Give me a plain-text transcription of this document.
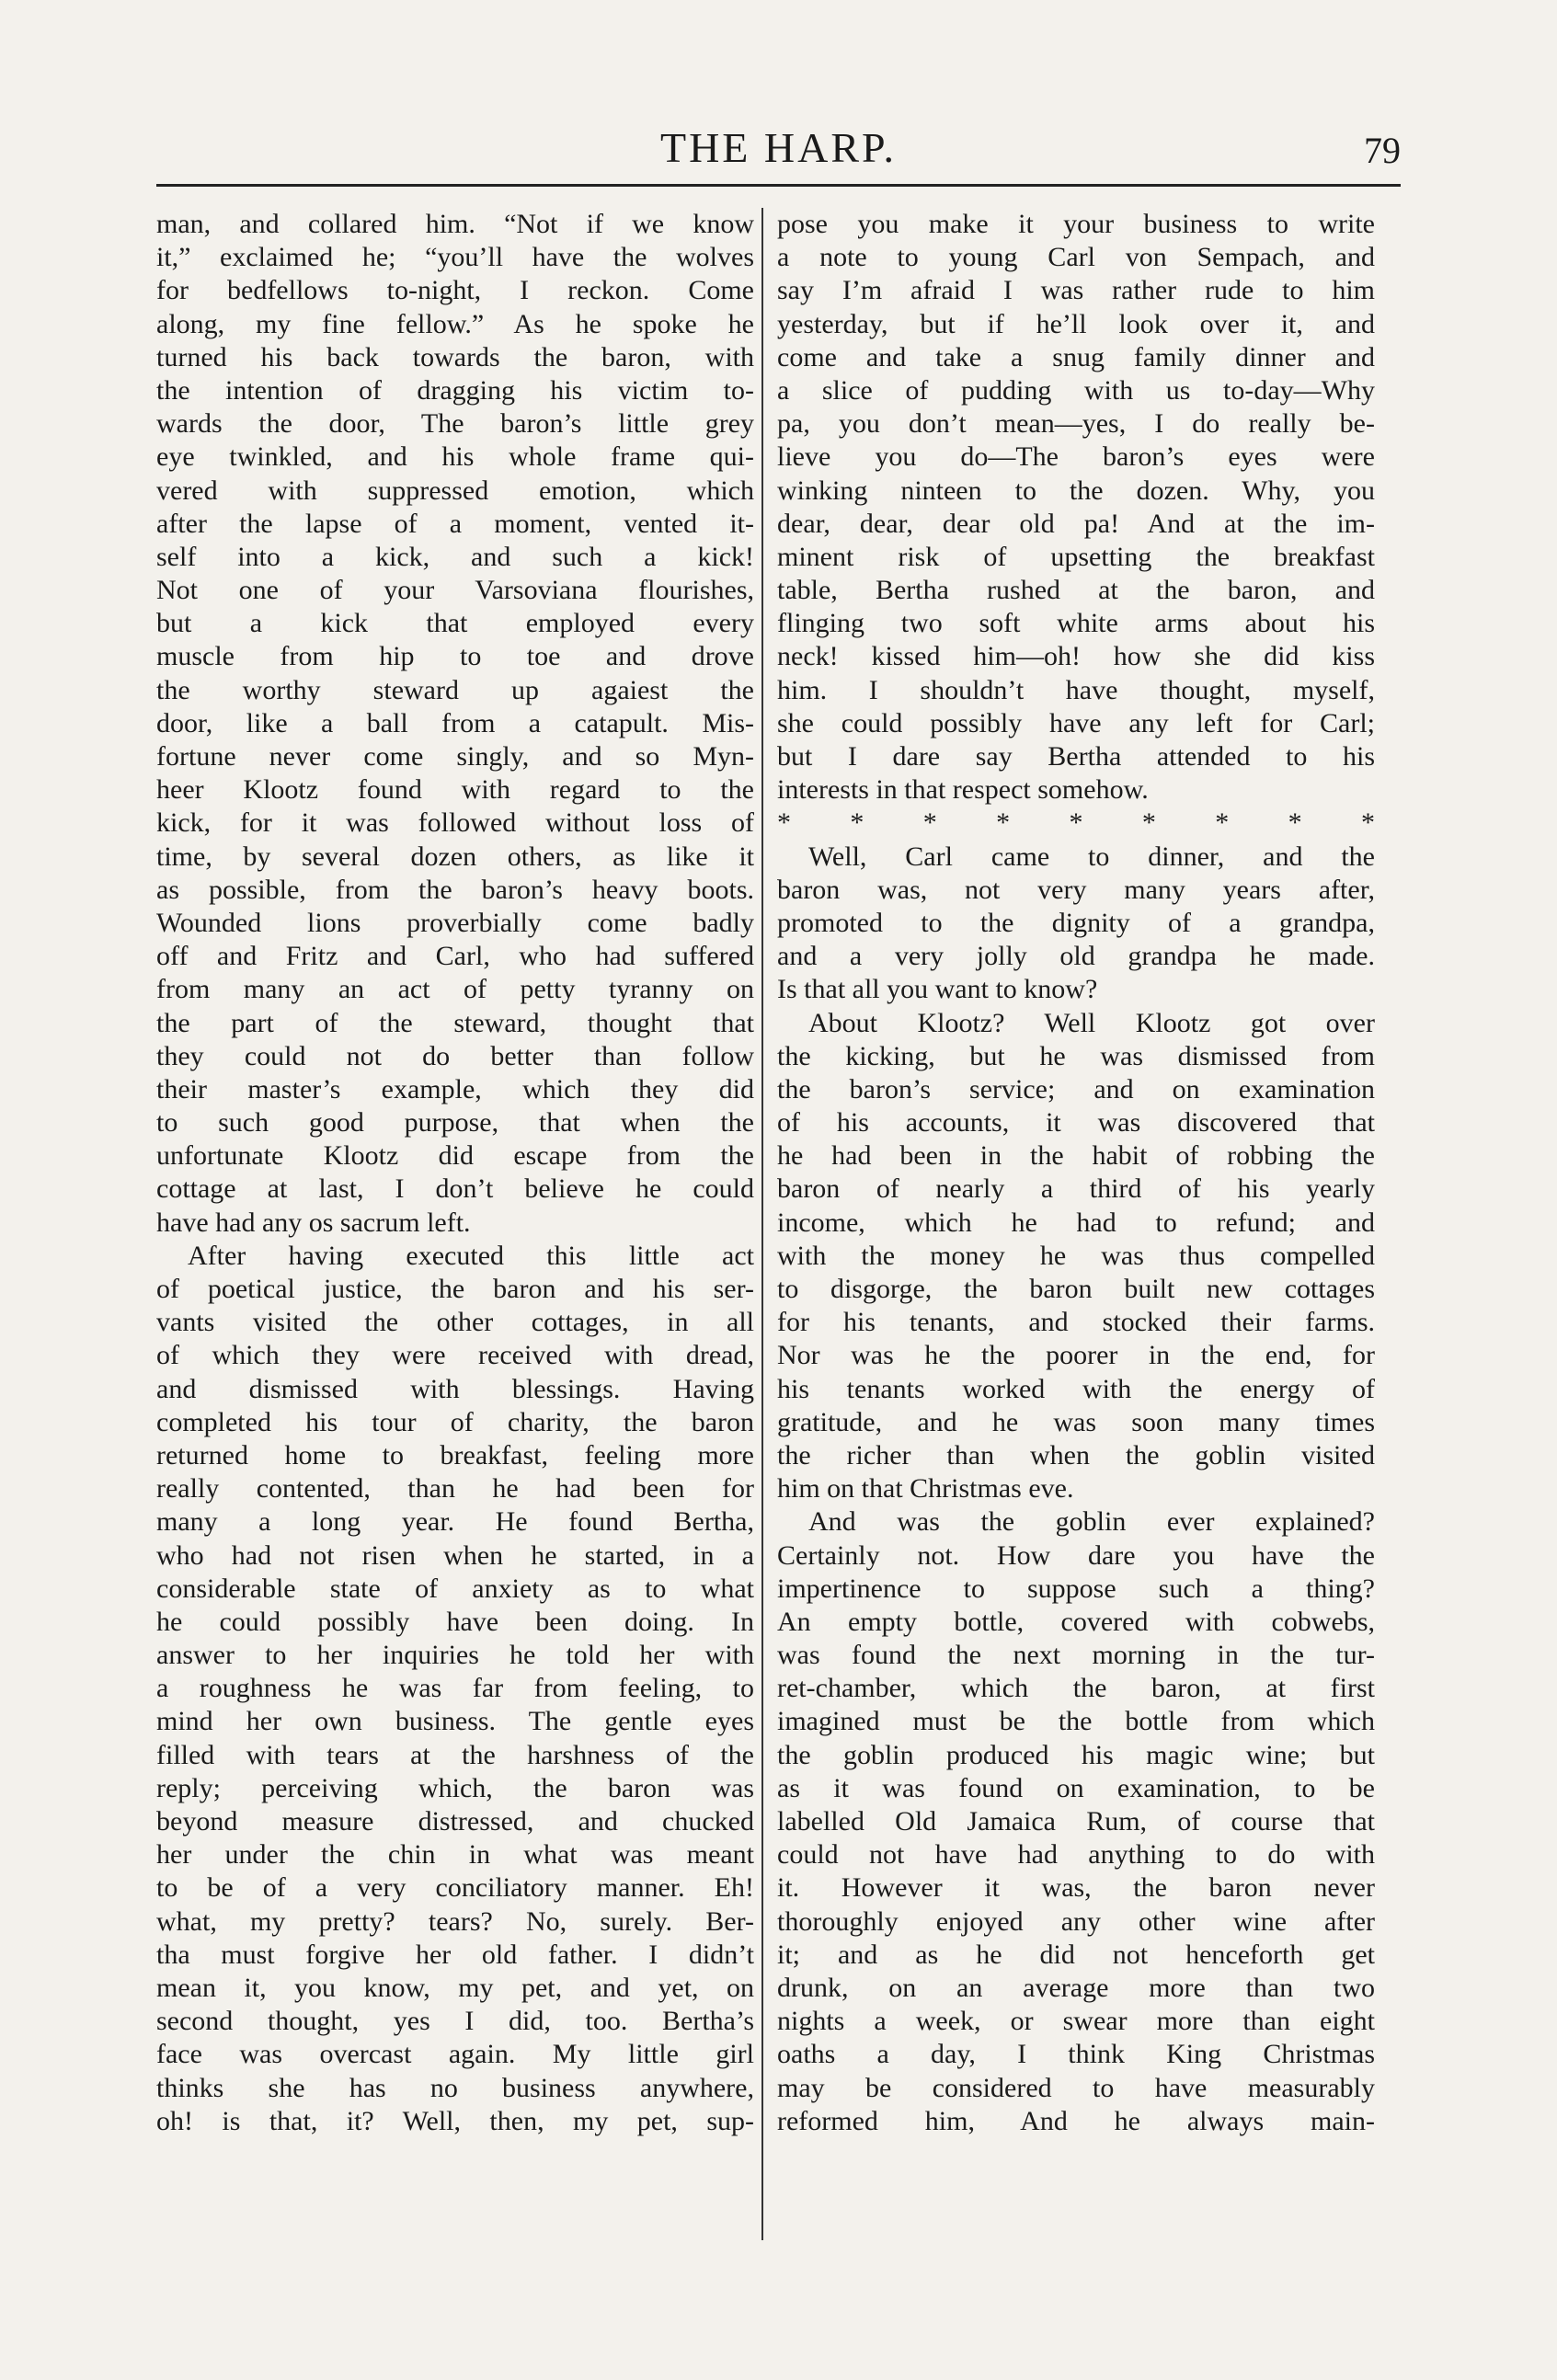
THE HARP.	79
man, and collared him. “Not if we know
it,” exclaimed he; “you’ll have the wolves
for bedfellows to-night, I reckon. Come
along, my fine fellow.” As he spoke he
turned his back towards the baron, with
the intention of dragging his victim to-
wards the door, The baron’s little grey
eye twinkled, and his whole frame qui-
vered with suppressed emotion, which
after the lapse of a moment, vented it-
self into a kick, and such a kick!
Not one of your Varsoviana flourishes,
but a kick that employed every
muscle from hip to toe and drove
the worthy steward up agaiest the
door, like a ball from a catapult. Mis-
fortune never come singly, and so Myn-
heer Klootz found with regard to the
kick, for it was followed without loss of
time, by several dozen others, as like it
as possible, from the baron’s heavy boots.
Wounded lions proverbially come badly
off and Fritz and Carl, who had suffered
from many an act of petty tyranny on
the part of the steward, thought that
they could not do better than follow
their master’s example, which they did
to such good purpose, that when the
unfortunate Klootz did escape from the
cottage at last, I don’t believe he could
have had any os sacrum left.
After having executed this little act
of poetical justice, the baron and his ser-
vants visited the other cottages, in all
of which they were received with dread,
and dismissed with blessings. Having
completed his tour of charity, the baron
returned home to breakfast, feeling more
really contented, than he had been for
many a long year. He found Bertha,
who had not risen when he started, in a
considerable state of anxiety as to what
he could possibly have been doing. In
answer to her inquiries he told her with
a roughness he was far from feeling, to
mind her own business. The gentle eyes
filled with tears at the harshness of the
reply; perceiving which, the baron was
beyond measure distressed, and chucked
her under the chin in what was meant
to be of a very conciliatory manner. Eh!
what, my pretty? tears? No, surely. Ber-
tha must forgive her old father. I didn’t
mean it, you know, my pet, and yet, on
second thought, yes I did, too. Bertha’s
face was overcast again. My little girl
thinks she has no business anywhere,
oh! is that, it? Well, then, my pet, sup-
pose you make it your business to write
a note to young Carl von Sempach, and
say I’m afraid I was rather rude to him
yesterday, but if he’ll look over it, and
come and take a snug family dinner and
a slice of pudding with us to-day—Why
pa, you don’t mean—yes, I do really be-
lieve you do—The baron’s eyes were
winking ninteen to the dozen. Why, you
dear, dear, dear old pa! And at the im-
minent risk of upsetting the breakfast
table, Bertha rushed at the baron, and
flinging two soft white arms about his
neck! kissed him—oh! how she did kiss
him. I shouldn’t have thought, myself,
she could possibly have any left for Carl;
but I dare say Bertha attended to his
interests in that respect somehow.
* * * * * * * * *
Well, Carl came to dinner, and the
baron was, not very many years after,
promoted to the dignity of a grandpa,
and a very jolly old grandpa he made.
Is that all you want to know?
About Klootz? Well Klootz got over
the kicking, but he was dismissed from
the baron’s service; and on examination
of his accounts, it was discovered that
he had been in the habit of robbing the
baron of nearly a third of his yearly
income, which he had to refund; and
with the money he was thus compelled
to disgorge, the baron built new cottages
for his tenants, and stocked their farms.
Nor was he the poorer in the end, for
his tenants worked with the energy of
gratitude, and he was soon many times
the richer than when the goblin visited
him on that Christmas eve.
And was the goblin ever explained?
Certainly not. How dare you have the
impertinence to suppose such a thing?
An empty bottle, covered with cobwebs,
was found the next morning in the tur-
ret-chamber, which the baron, at first
imagined must be the bottle from which
the goblin produced his magic wine; but
as it was found on examination, to be
labelled Old Jamaica Rum, of course that
could not have had anything to do with
it. However it was, the baron never
thoroughly enjoyed any other wine after
it; and as he did not henceforth get
drunk, on an average more than two
nights a week, or swear more than eight
oaths a day, I think King Christmas
may be considered to have measurably
reformed him, And he always main-
